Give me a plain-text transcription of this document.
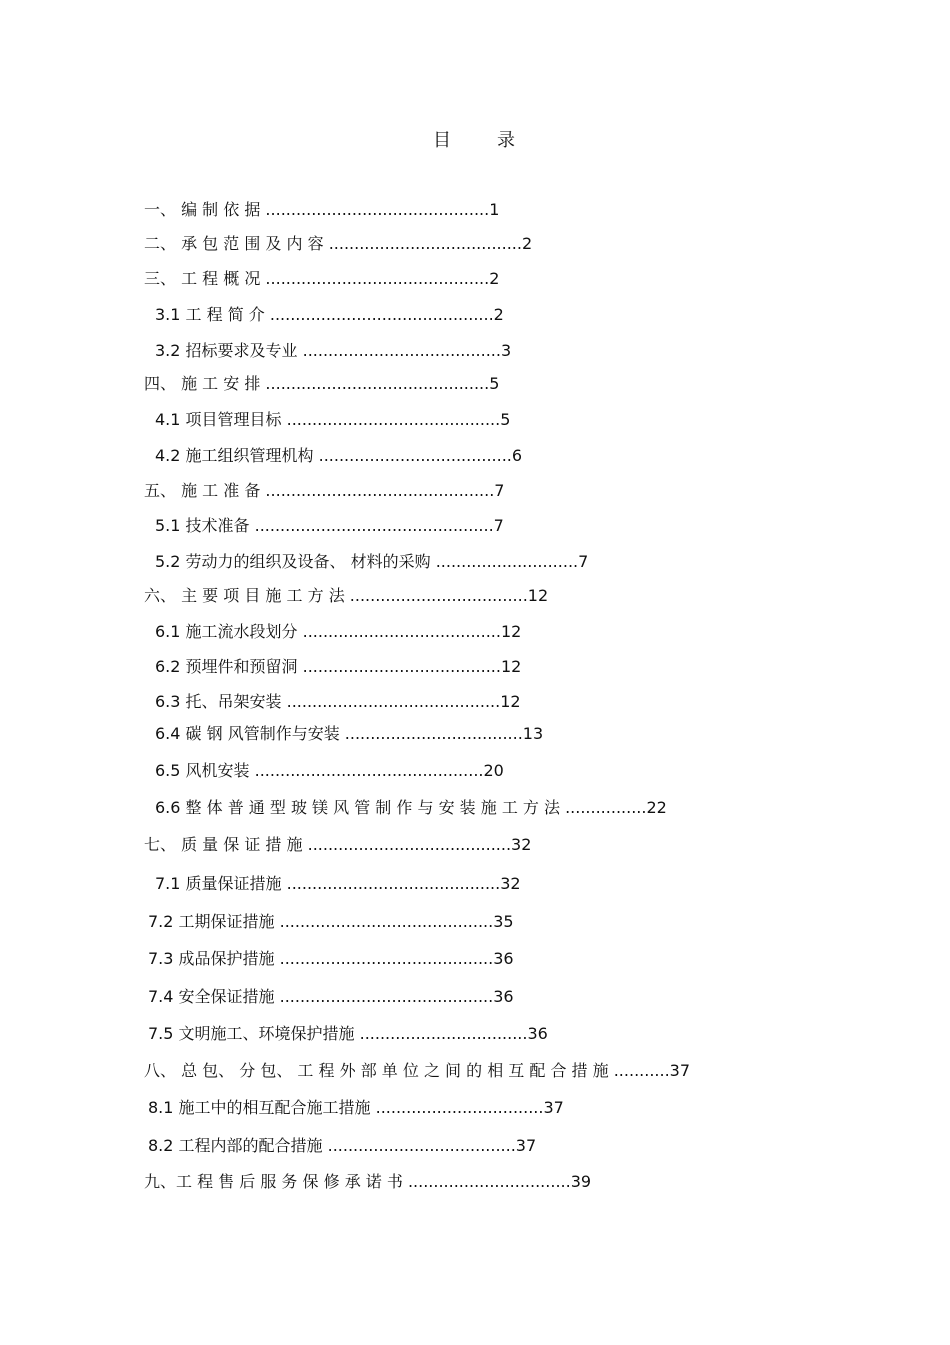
目 录
一、 编 制 依 据 ............................................1
二、 承 包 范 围 及 内 容 ......................................2
三、 工 程 概 况 ............................................2
3.1 工 程 简 介 ............................................2
3.2 招标要求及专业 .......................................3
四、 施 工 安 排 ............................................5
4.1 项目管理目标 ..........................................5
4.2 施工组织管理机构 ......................................6
五、 施 工 准 备 .............................................7
5.1 技术准备 ...............................................7
5.2 劳动力的组织及设备、 材料的采购 ............................7
六、 主 要 项 目 施 工 方 法 ...................................12
6.1 施工流水段划分 .......................................12
6.2 预埋件和预留洞 .......................................12
6.3 托、吊架安装 ..........................................12
6.4 碳 钢 风管制作与安装 ...................................13
6.5 风机安装 .............................................20
6.6 整 体 普 通 型 玻 镁 风 管 制 作 与 安 装 施 工 方 法 ................22
七、 质 量 保 证 措 施 ........................................32
7.1 质量保证措施 ..........................................32
7.2 工期保证措施 ..........................................35
7.3 成品保护措施 ..........................................36
7.4 安全保证措施 ..........................................36
7.5 文明施工、环境保护措施 .................................36
八、 总 包、 分 包、 工 程 外 部 单 位 之 间 的 相 互 配 合 措 施 ...........37
8.1 施工中的相互配合施工措施 .................................37
8.2 工程内部的配合措施 .....................................37
九、工 程 售 后 服 务 保 修 承 诺 书 ................................39
